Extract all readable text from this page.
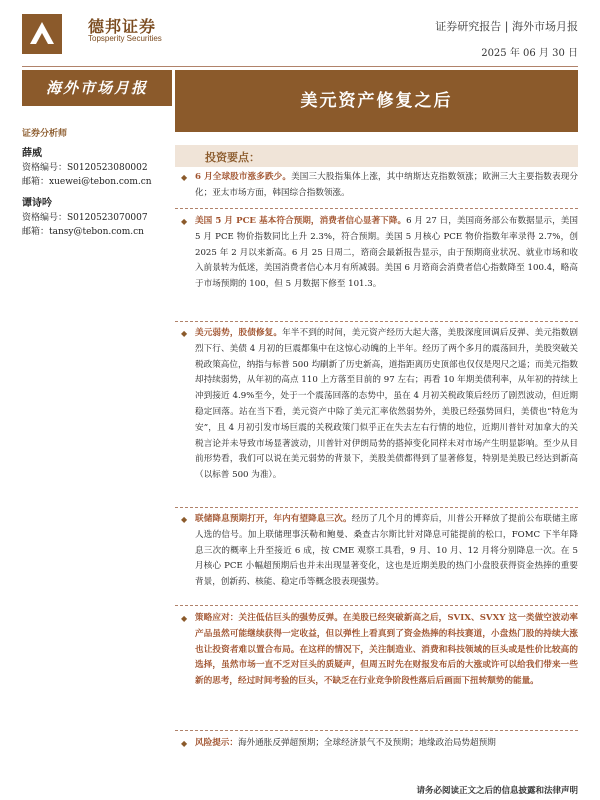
德邦证券
Topsperity Securities
证券研究报告 | 海外市场月报
2025 年 06 月 30 日
海外市场月报
美元资产修复之后
证券分析师
薛威
资格编号：S0120523080002
邮箱：xuewei@tebon.com.cn
谭诗吟
资格编号：S0120523070007
邮箱：tansy@tebon.com.cn
投资要点：
◆ 6 月全球股市涨多跌少。美国三大股指集体上涨，其中纳斯达克指数领涨；欧洲三大主要指数表现分化；亚太市场方面，韩国综合指数领涨。
◆ 美国 5 月 PCE 基本符合预期，消费者信心显著下降。6 月 27 日，美国商务部公布数据显示，美国 5 月 PCE 物价指数同比上升 2.3%，符合预期。美国 5 月核心 PCE 物价指数年率录得 2.7%，创 2025 年 2 月以来新高。6 月 25 日周二，谘商会最新报告显示，由于预期商业状况、就业市场和收入前景转为低迷，美国消费者信心本月有所减弱。美国 6 月谘商会消费者信心指数降至 100.4，略高于市场预期的 100，但 5 月数据下修至 101.3。
◆ 美元弱势，股债修复。年半不到的时间，美元资产经历大起大落，美股深度回调后反弹、美元指数剧烈下行、美债 4 月初的巨震都集中在这惊心动魄的上半年。经历了两个多月的震荡回升，美股突破关税政策高位，纳指与标普 500 均刷新了历史新高，道指距离历史顶部也仅仅是咫尺之遥；而美元指数却持续弱势，从年初的高点 110 上方落至目前的 97 左右；再看 10 年期美债利率，从年初的持续上冲到接近 4.9%至今，处于一个震荡回落的态势中，虽在 4 月初关税政策后经历了剧烈波动，但近期稳定回落。站在当下看，美元资产中除了美元汇率依然弱势外，美股已经强势回归，美债也“特危为安”，且 4 月初引发市场巨震的关税政策门似乎正在失去左右行情的地位，近期川普针对加拿大的关税言论并未导致市场显著波动，川普针对伊朗局势的搭掉变化同样未对市场产生明显影响。至少从目前形势看，我们可以说在美元弱势的背景下，美股美债都得到了显著修复，特别是美股已经达到新高（以标普 500 为准）。
◆ 联储降息预期打开，年内有望降息三次。经历了几个月的博弈后，川普公开释放了提前公布联储主席人选的信号。加上联储理事沃勒和鲍曼、桑查古尔斯比针对降息可能提前的松口，FOMC 下半年降息三次的概率上升至接近 6 成，按 CME 观察工具看，9 月、10 月、12 月将分别降息一次。在 5 月核心 PCE 小幅超预期后也并未出现显著变化，这也是近期美股的热门小盘股获得资金热捧的重要背景，创新药、核能、稳定币等概念股表现强势。
◆ 策略应对：关注低估巨头的强势反弹。在美股已经突破新高之后，SVIX、SVXY 这一类做空波动率产品虽然可能继续获得一定收益，但以弹性上看真到了资金热捧的科技赛道，小盘热门股的持续大涨也让投资者难以置合布局。在这样的情况下，关注制造业、消费和科技领域的巨头或是性价比较高的选择，虽然市场一直不乏对巨头的质疑声，但周五时先在财报发布后的大涨或许可以给我们带来一些新的思考，经过时间考验的巨头，不缺乏在行业竞争阶段性落后后画面下扭转颓势的能量。
◆ 风险提示：海外通胀反弹超预期；全球经济景气不及预期；地缘政治局势超预期
请务必阅读正文之后的信息披露和法律声明
